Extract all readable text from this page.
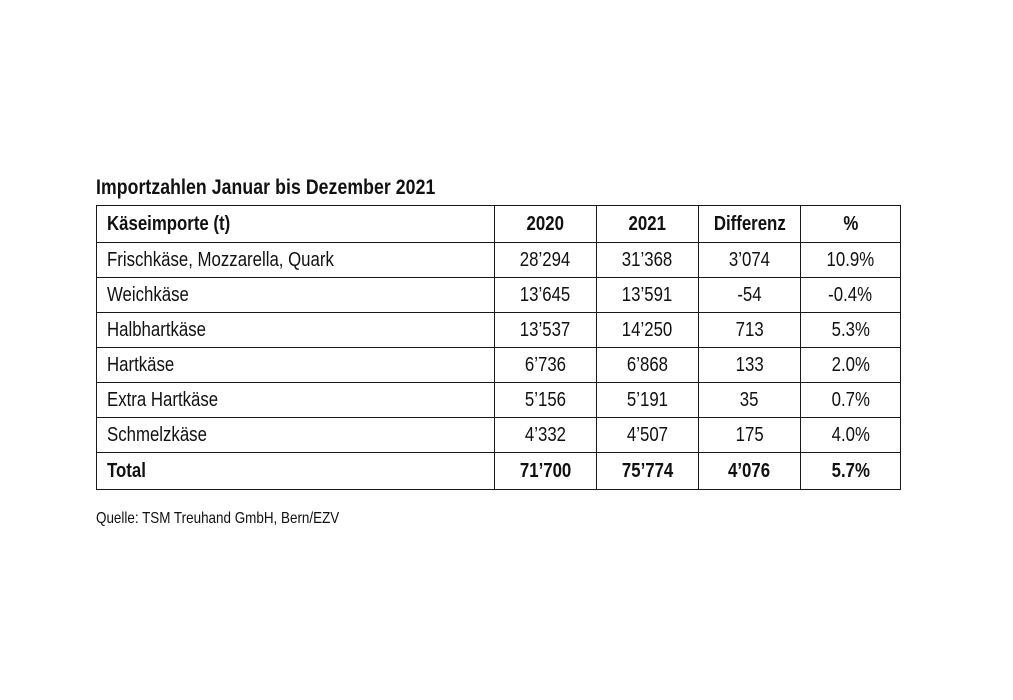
Importzahlen Januar bis Dezember 2021
Käseimporte (t)	2020	2021	Differenz	%
Frischkäse, Mozzarella, Quark	28’294	31’368	3’074	10.9%
Weichkäse	13’645	13’591	-54	-0.4%
Halbhartkäse	13’537	14’250	713	5.3%
Hartkäse	6’736	6’868	133	2.0%
Extra Hartkäse	5’156	5’191	35	0.7%
Schmelzkäse	4’332	4’507	175	4.0%
Total	71’700	75’774	4’076	5.7%
Quelle: TSM Treuhand GmbH, Bern/EZV
